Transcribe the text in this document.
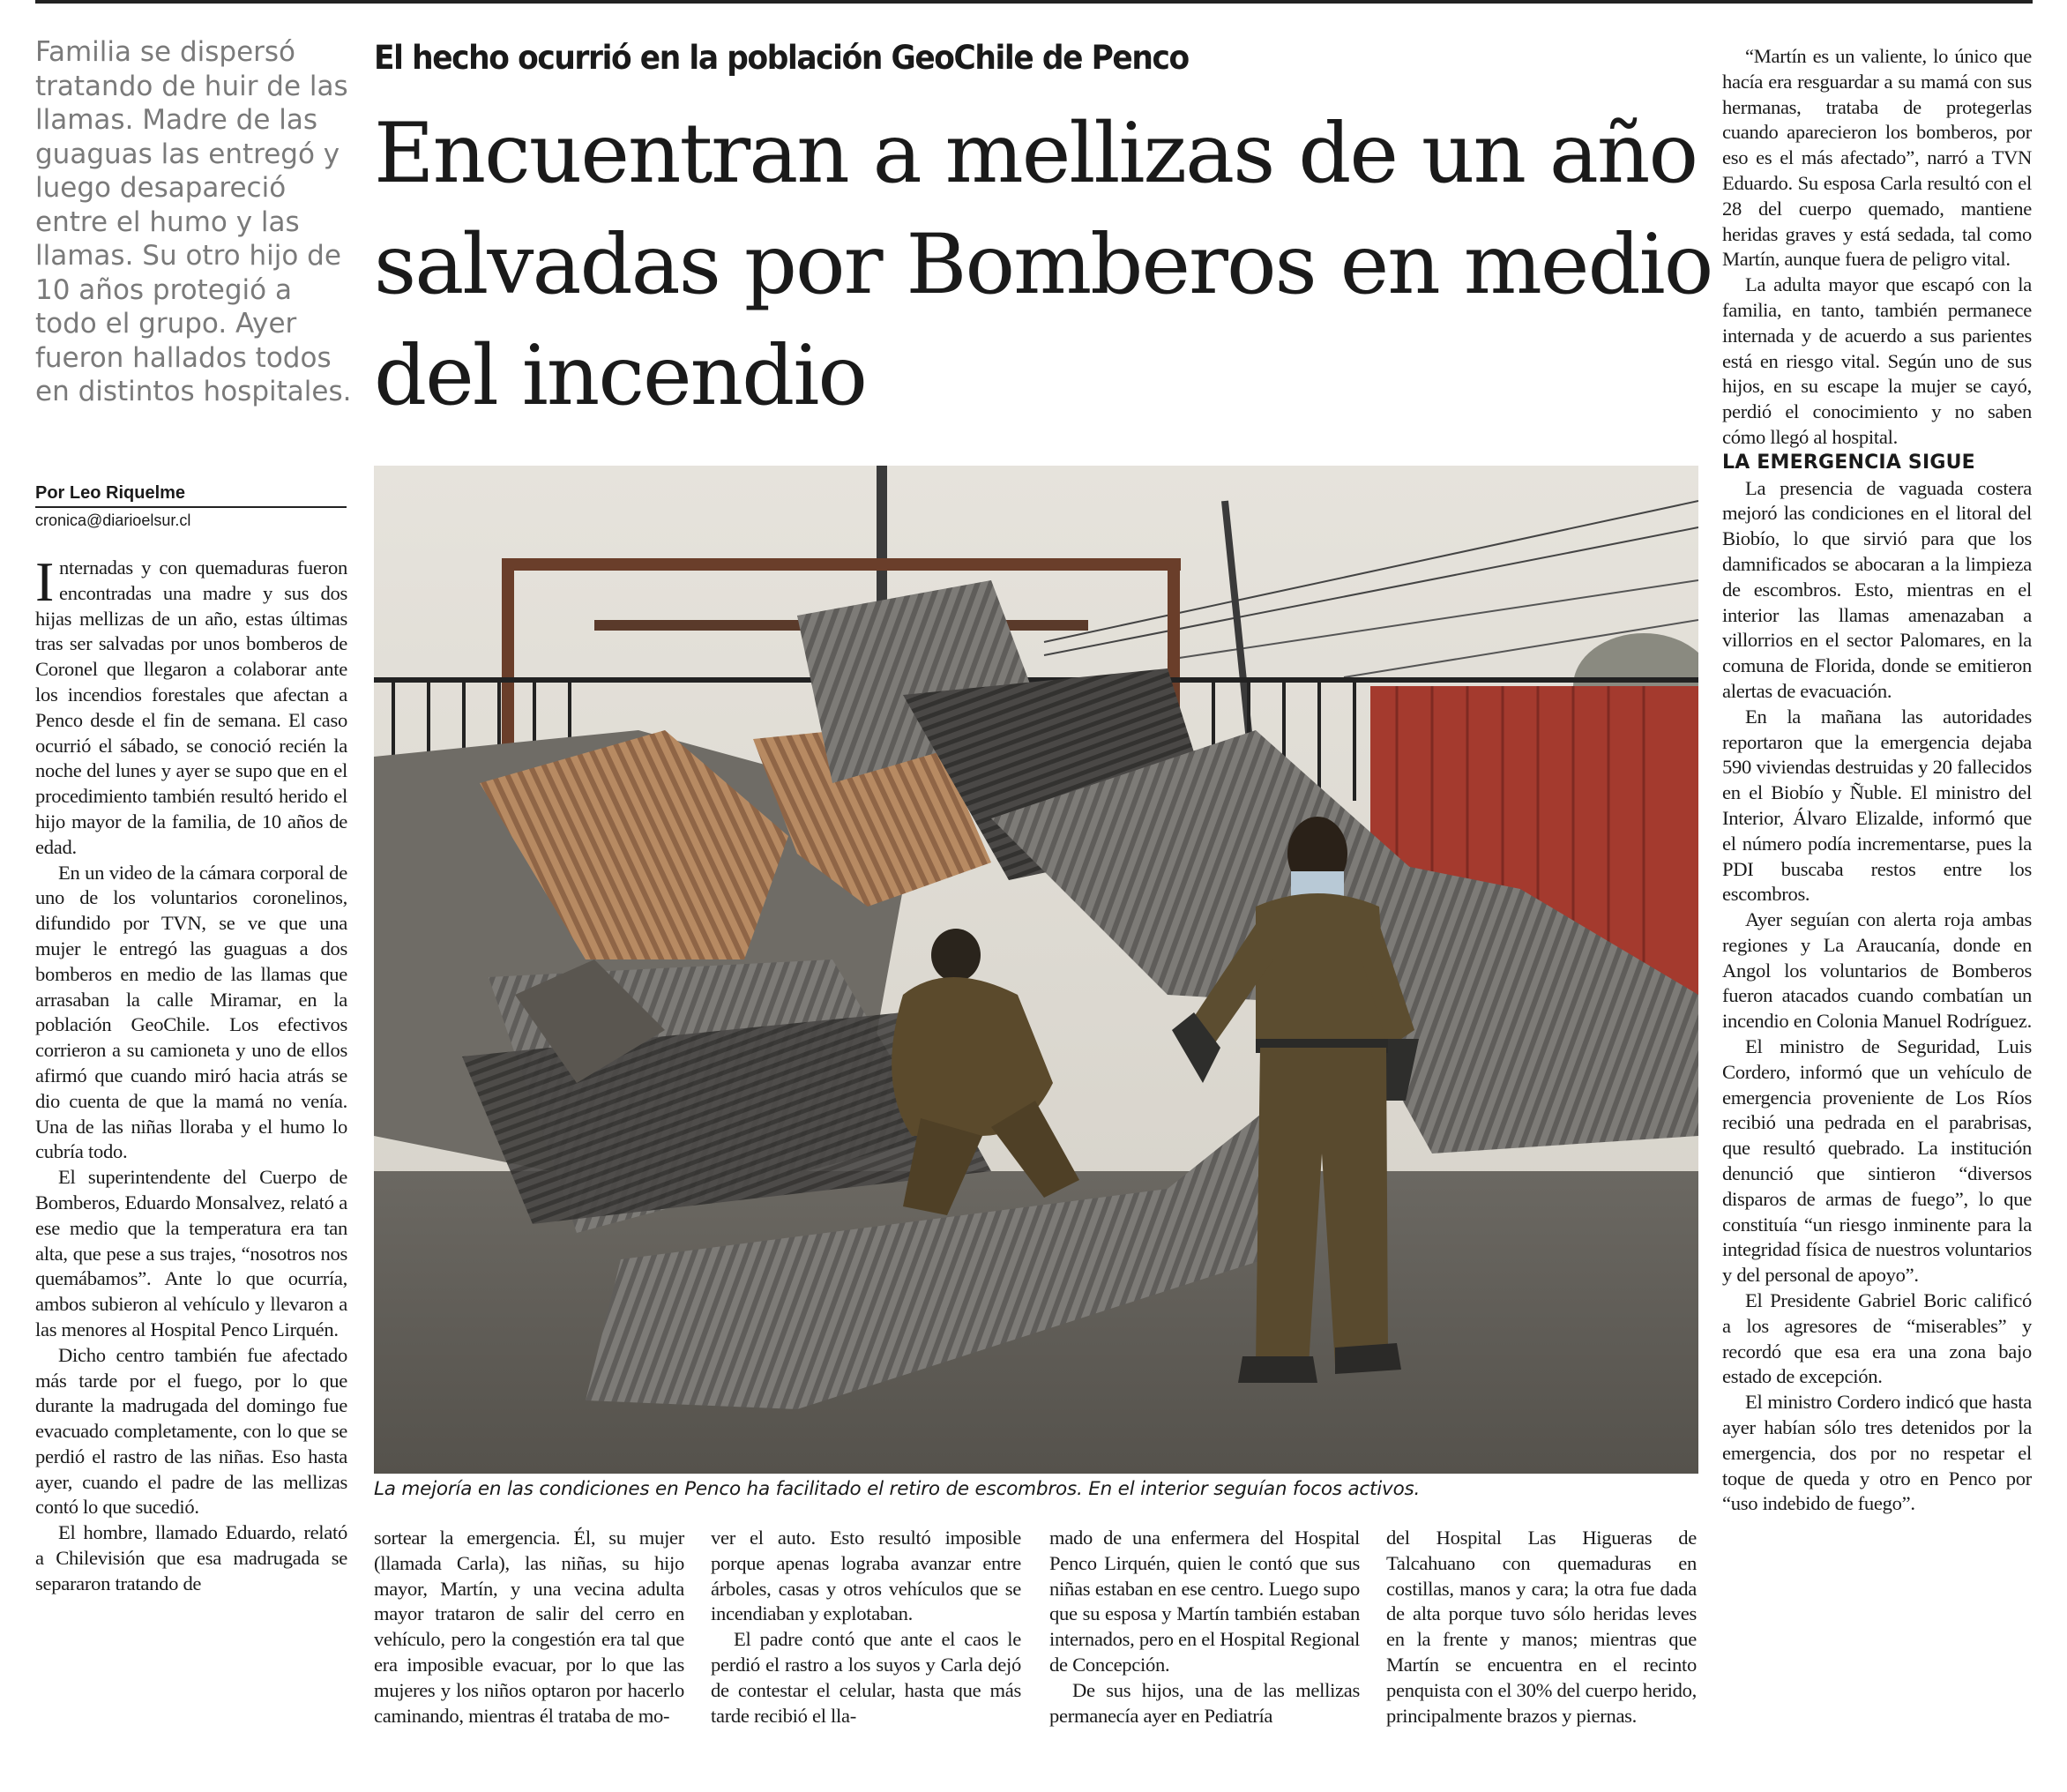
Familia se dispersó tratando de huir de las llamas. Madre de las guaguas las entregó y luego desapareció entre el humo y las llamas. Su otro hijo de 10 años protegió a todo el grupo. Ayer fueron hallados todos en distintos hospitales.

Por Leo Riquelme

cronica@diarioelsur.cl
El hecho ocurrió en la población GeoChile de Penco
Encuentran a mellizas de un año salvadas por Bomberos en medio del incendio

La mejoría en las condiciones en Penco ha facilitado el retiro de escombros. En el interior seguían focos activos.

Internadas y con quemaduras fueron encontradas una madre y sus dos hijas mellizas de un año, estas últimas tras ser salvadas por unos bomberos de Coronel que llegaron a colaborar ante los incendios forestales que afectan a Penco desde el fin de semana. El caso ocurrió el sábado, se conoció recién la noche del lunes y ayer se supo que en el procedimiento también resultó herido el hijo mayor de la familia, de 10 años de edad.

En un video de la cámara corporal de uno de los voluntarios coronelinos, difundido por TVN, se ve que una mujer le entregó las guaguas a dos bomberos en medio de las llamas que arrasaban la calle Miramar, en la población GeoChile. Los efectivos corrieron a su camioneta y uno de ellos afirmó que cuando miró hacia atrás se dio cuenta de que la mamá no venía. Una de las niñas lloraba y el humo lo cubría todo.

El superintendente del Cuerpo de Bomberos, Eduardo Monsalvez, relató a ese medio que la temperatura era tan alta, que pese a sus trajes, “nosotros nos quemábamos”. Ante lo que ocurría, ambos subieron al vehículo y llevaron a las menores al Hospital Penco Lirquén.

Dicho centro también fue afectado más tarde por el fuego, por lo que durante la madrugada del domingo fue evacuado completamente, con lo que se perdió el rastro de las niñas. Eso hasta ayer, cuando el padre de las mellizas contó lo que sucedió.

El hombre, llamado Eduardo, relató a Chilevisión que esa madrugada se separaron tratando de

sortear la emergencia. Él, su mujer (llamada Carla), las niñas, su hijo mayor, Martín, y una vecina adulta mayor trataron de salir del cerro en vehículo, pero la congestión era tal que era imposible evacuar, por lo que las mujeres y los niños optaron por hacerlo caminando, mientras él trataba de mo-

ver el auto. Esto resultó imposible porque apenas lograba avanzar entre árboles, casas y otros vehículos que se incendiaban y explotaban.

El padre contó que ante el caos le perdió el rastro a los suyos y Carla dejó de contestar el celular, hasta que más tarde recibió el lla-

mado de una enfermera del Hospital Penco Lirquén, quien le contó que sus niñas estaban en ese centro. Luego supo que su esposa y Martín también estaban internados, pero en el Hospital Regional de Concepción.

De sus hijos, una de las mellizas permanecía ayer en Pediatría

del Hospital Las Higueras de Talcahuano con quemaduras en costillas, manos y cara; la otra fue dada de alta porque tuvo sólo heridas leves en la frente y manos; mientras que Martín se encuentra en el recinto penquista con el 30% del cuerpo herido, principalmente brazos y piernas.

“Martín es un valiente, lo único que hacía era resguardar a su mamá con sus hermanas, trataba de protegerlas cuando aparecieron los bomberos, por eso es el más afectado”, narró a TVN Eduardo. Su esposa Carla resultó con el 28 del cuerpo quemado, mantiene heridas graves y está sedada, tal como Martín, aunque fuera de peligro vital.

La adulta mayor que escapó con la familia, en tanto, también permanece internada y de acuerdo a sus parientes está en riesgo vital. Según uno de sus hijos, en su escape la mujer se cayó, perdió el conocimiento y no saben cómo llegó al hospital.

LA EMERGENCIA SIGUE

La presencia de vaguada costera mejoró las condiciones en el litoral del Biobío, lo que sirvió para que los damnificados se abocaran a la limpieza de escombros. Esto, mientras en el interior las llamas amenazaban a villorrios en el sector Palomares, en la comuna de Florida, donde se emitieron alertas de evacuación.

En la mañana las autoridades reportaron que la emergencia dejaba 590 viviendas destruidas y 20 fallecidos en el Biobío y Ñuble. El ministro del Interior, Álvaro Elizalde, informó que el número podía incrementarse, pues la PDI buscaba restos entre los escombros.

Ayer seguían con alerta roja ambas regiones y La Araucanía, donde en Angol los voluntarios de Bomberos fueron atacados cuando combatían un incendio en Colonia Manuel Rodríguez.

El ministro de Seguridad, Luis Cordero, informó que un vehículo de emergencia proveniente de Los Ríos recibió una pedrada en el parabrisas, que resultó quebrado. La institución denunció que sintieron “diversos disparos de armas de fuego”, lo que constituía “un riesgo inminente para la integridad física de nuestros voluntarios y del personal de apoyo”.

El Presidente Gabriel Boric calificó a los agresores de “miserables” y recordó que esa era una zona bajo estado de excepción.

El ministro Cordero indicó que hasta ayer habían sólo tres detenidos por la emergencia, dos por no respetar el toque de queda y otro en Penco por “uso indebido de fuego”.
